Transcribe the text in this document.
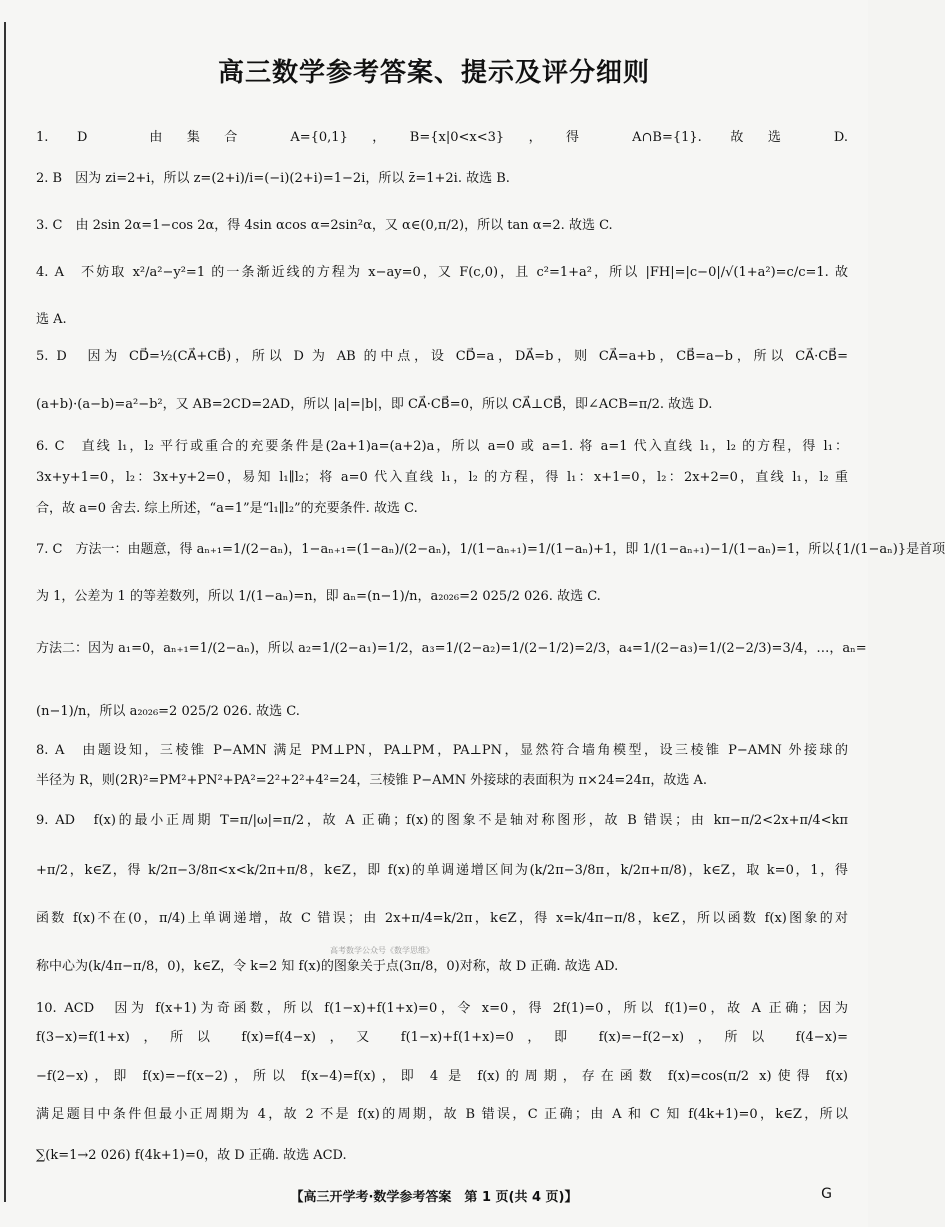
高三数学参考答案、提示及评分细则
1. D　由集合 A={0,1}，B={x|0<x<3}，得 A∩B={1}. 故选 D.
2. B　因为 zi=2+i，所以 z=(2+i)/i=(−i)(2+i)=1−2i，所以 z̄=1+2i. 故选 B.
3. C　由 2sin 2α=1−cos 2α，得 4sin αcos α=2sin²α，又 α∈(0,π/2)，所以 tan α=2. 故选 C.
4. A　不妨取 x²/a²−y²=1 的一条渐近线的方程为 x−ay=0，又 F(c,0)，且 c²=1+a²，所以 |FH|=|c−0|/√(1+a²)=c/c=1. 故
选 A.
5. D　因为 CD⃗=½(CA⃗+CB⃗)，所以 D 为 AB 的中点，设 CD⃗=a，DA⃗=b，则 CA⃗=a+b，CB⃗=a−b，所以 CA⃗·CB⃗=
(a+b)·(a−b)=a²−b²，又 AB=2CD=2AD，所以 |a|=|b|，即 CA⃗·CB⃗=0，所以 CA⃗⊥CB⃗，即∠ACB=π/2. 故选 D.
6. C　直线 l₁，l₂ 平行或重合的充要条件是(2a+1)a=(a+2)a，所以 a=0 或 a=1. 将 a=1 代入直线 l₁，l₂ 的方程，得 l₁：
3x+y+1=0，l₂：3x+y+2=0，易知 l₁∥l₂；将 a=0 代入直线 l₁，l₂ 的方程，得 l₁：x+1=0，l₂：2x+2=0，直线 l₁，l₂ 重
合，故 a=0 舍去. 综上所述，“a=1”是“l₁∥l₂”的充要条件. 故选 C.
7. C　方法一：由题意，得 aₙ₊₁=1/(2−aₙ)，1−aₙ₊₁=(1−aₙ)/(2−aₙ)，1/(1−aₙ₊₁)=1/(1−aₙ)+1，即 1/(1−aₙ₊₁)−1/(1−aₙ)=1，所以{1/(1−aₙ)}是首项
为 1，公差为 1 的等差数列，所以 1/(1−aₙ)=n，即 aₙ=(n−1)/n，a₂₀₂₆=2 025/2 026. 故选 C.
方法二：因为 a₁=0，aₙ₊₁=1/(2−aₙ)，所以 a₂=1/(2−a₁)=1/2，a₃=1/(2−a₂)=1/(2−1/2)=2/3，a₄=1/(2−a₃)=1/(2−2/3)=3/4，…，aₙ=
(n−1)/n，所以 a₂₀₂₆=2 025/2 026. 故选 C.
8. A　由题设知，三棱锥 P−AMN 满足 PM⊥PN，PA⊥PM，PA⊥PN，显然符合墙角模型，设三棱锥 P−AMN 外接球的
半径为 R，则(2R)²=PM²+PN²+PA²=2²+2²+4²=24，三棱锥 P−AMN 外接球的表面积为 π×24=24π，故选 A.
9. AD　f(x)的最小正周期 T=π/|ω|=π/2，故 A 正确；f(x)的图象不是轴对称图形，故 B 错误；由 kπ−π/2<2x+π/4<kπ
+π/2，k∈Z，得 k/2π−3/8π<x<k/2π+π/8，k∈Z，即 f(x)的单调递增区间为(k/2π−3/8π，k/2π+π/8)，k∈Z，取 k=0，1，得
函数 f(x)不在(0，π/4)上单调递增，故 C 错误；由 2x+π/4=k/2π，k∈Z，得 x=k/4π−π/8，k∈Z，所以函数 f(x)图象的对
称中心为(k/4π−π/8，0)，k∈Z，令 k=2 知 f(x)的图象关于点(3π/8，0)对称，故 D 正确. 故选 AD.
10. ACD　因为 f(x+1)为奇函数，所以 f(1−x)+f(1+x)=0，令 x=0，得 2f(1)=0，所以 f(1)=0，故 A 正确；因为
f(3−x)=f(1+x)，所以 f(x)=f(4−x)，又 f(1−x)+f(1+x)=0，即 f(x)=−f(2−x)，所以 f(4−x)=
−f(2−x)，即 f(x)=−f(x−2)，所以 f(x−4)=f(x)，即 4 是 f(x)的周期，存在函数 f(x)=cos(π/2 x)使得 f(x)
满足题目中条件但最小正周期为 4，故 2 不是 f(x)的周期，故 B 错误，C 正确；由 A 和 C 知 f(4k+1)=0，k∈Z，所以
∑(k=1→2 026) f(4k+1)=0，故 D 正确. 故选 ACD.
高考数学公众号《数学思维》
【高三开学考·数学参考答案　第 1 页(共 4 页)】	G
